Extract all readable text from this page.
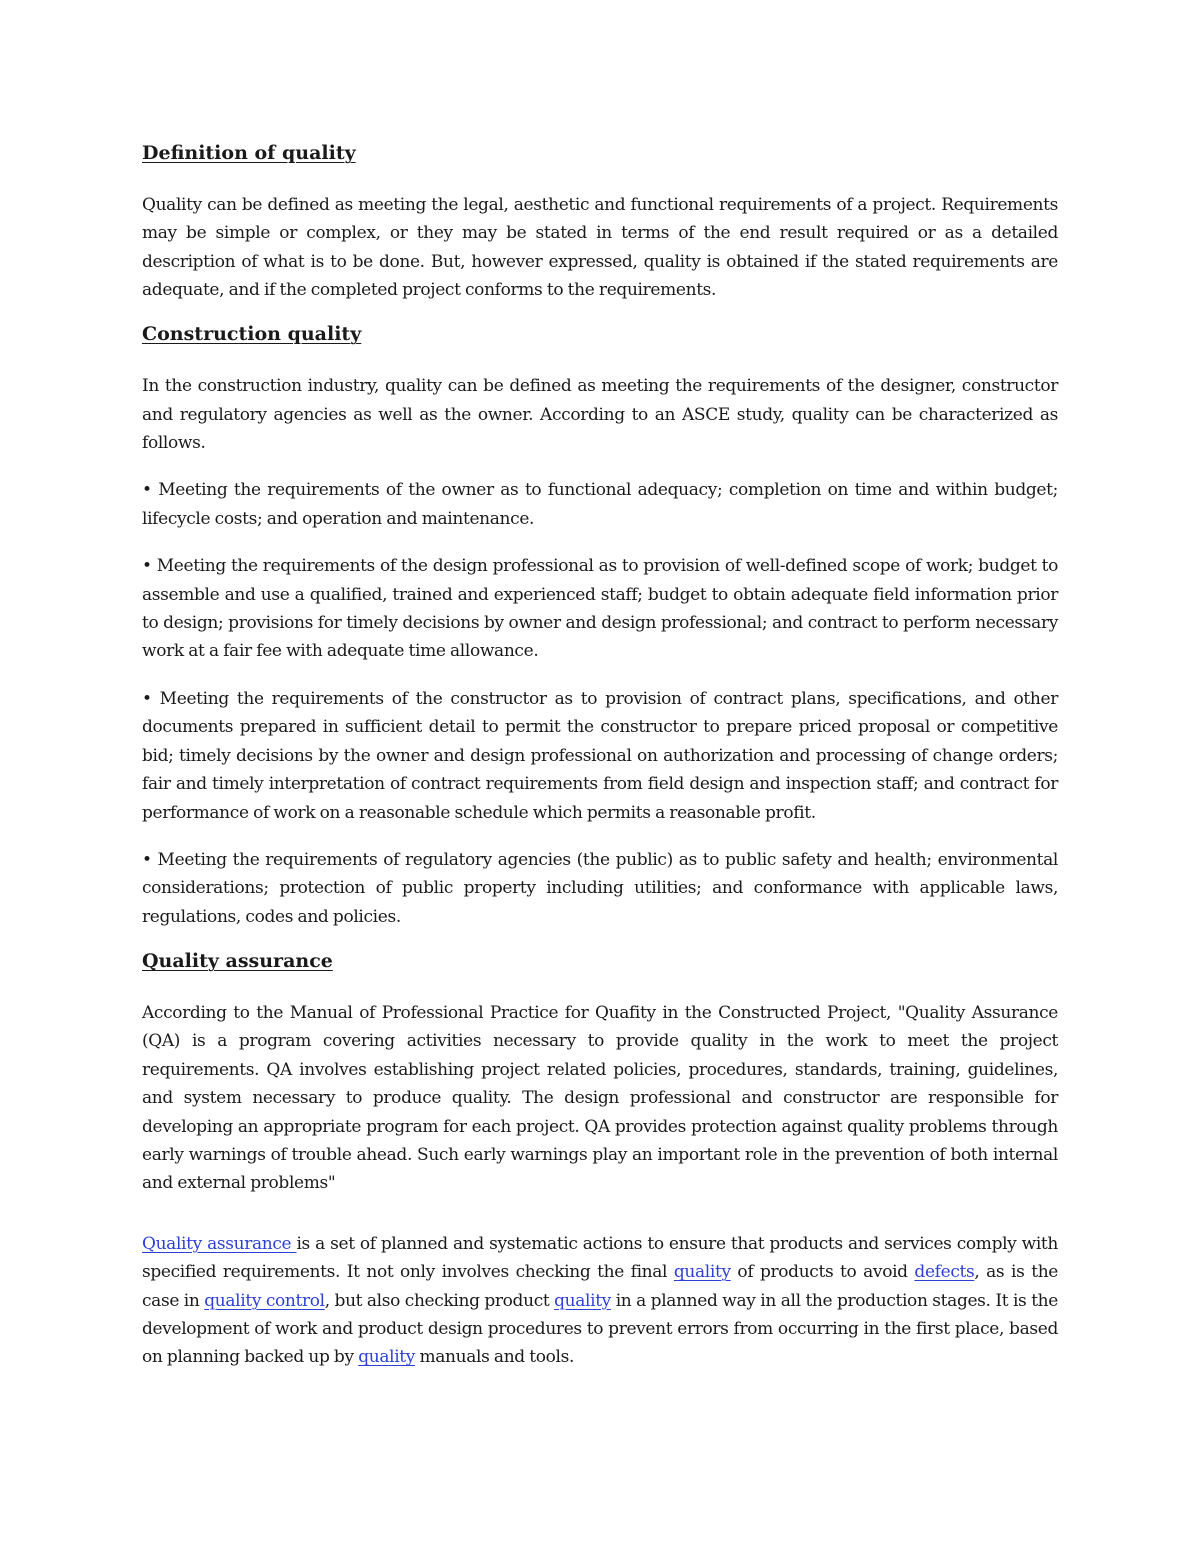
Definition of quality

Quality can be defined as meeting the legal, aesthetic and functional requirements of a project. Requirements may be simple or complex, or they may be stated in terms of the end result required or as a detailed description of what is to be done. But, however expressed, quality is obtained if the stated requirements are adequate, and if the completed project conforms to the requirements.

Construction quality

In the construction industry, quality can be defined as meeting the requirements of the designer, constructor and regulatory agencies as well as the owner. According to an ASCE study, quality can be characterized as follows.

• Meeting the requirements of the owner as to functional adequacy; completion on time and within budget; lifecycle costs; and operation and maintenance.

• Meeting the requirements of the design professional as to provision of well-defined scope of work; budget to assemble and use a qualified, trained and experienced staff; budget to obtain adequate field information prior to design; provisions for timely decisions by owner and design professional; and contract to perform necessary work at a fair fee with adequate time allowance.

• Meeting the requirements of the constructor as to provision of contract plans, specifications, and other documents prepared in sufficient detail to permit the constructor to prepare priced proposal or competitive bid; timely decisions by the owner and design professional on authorization and processing of change orders; fair and timely interpretation of contract requirements from field design and inspection staff; and contract for performance of work on a reasonable schedule which permits a reasonable profit.

• Meeting the requirements of regulatory agencies (the public) as to public safety and health; environmental considerations; protection of public property including utilities; and conformance with applicable laws, regulations, codes and policies.

Quality assurance

According to the Manual of Professional Practice for Quafity in the Constructed Project, "Quality Assurance (QA) is a program covering activities necessary to provide quality in the work to meet the project requirements. QA involves establishing project related policies, procedures, standards, training, guidelines, and system necessary to produce quality. The design professional and constructor are responsible for developing an appropriate program for each project. QA provides protection against quality problems through early warnings of trouble ahead. Such early warnings play an important role in the prevention of both internal and external problems"

Quality assurance is a set of planned and systematic actions to ensure that products and services comply with specified requirements. It not only involves checking the final quality of products to avoid defects, as is the case in quality control, but also checking product quality in a planned way in all the production stages. It is the development of work and product design procedures to prevent errors from occurring in the first place, based on planning backed up by quality manuals and tools.
